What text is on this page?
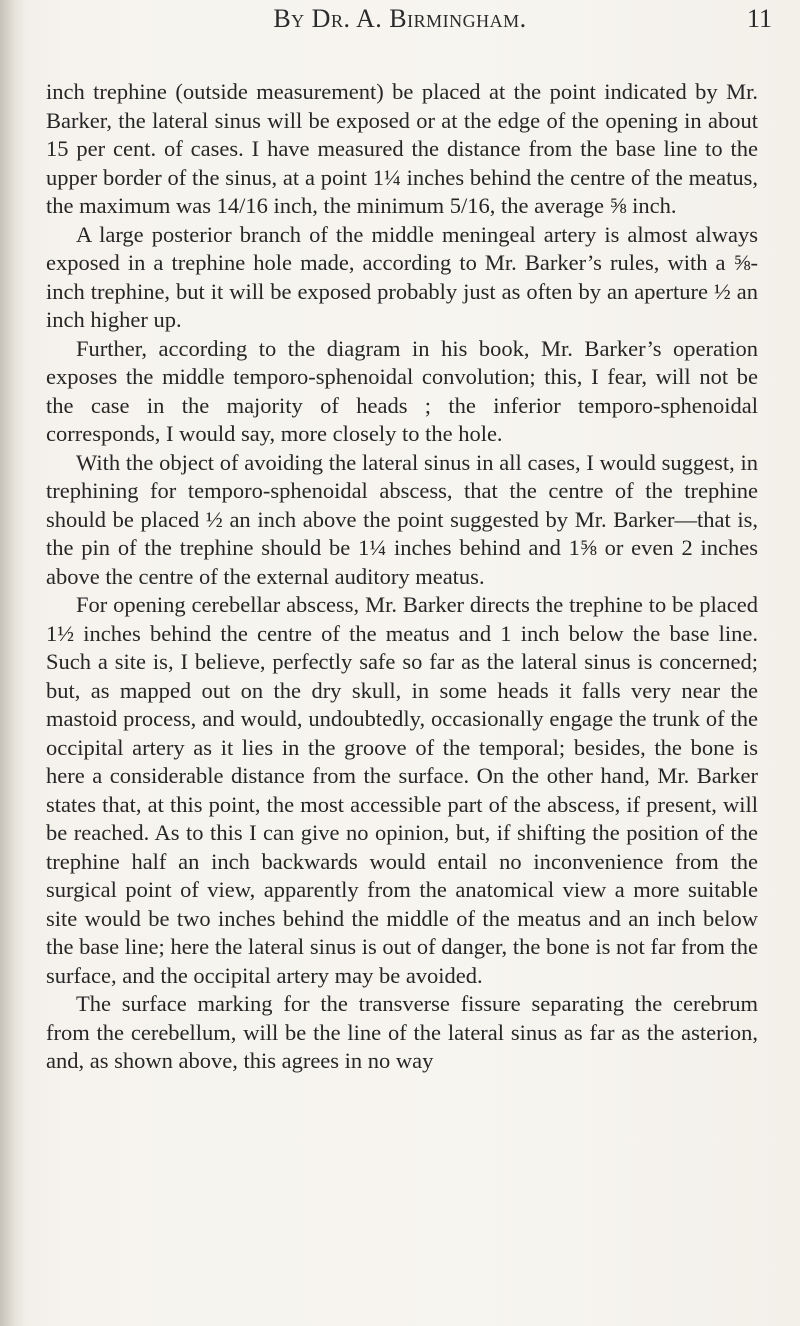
By Dr. A. Birmingham.	11

inch trephine (outside measurement) be placed at the point indicated by Mr. Barker, the lateral sinus will be exposed or at the edge of the opening in about 15 per cent. of cases. I have measured the distance from the base line to the upper border of the sinus, at a point 1¼ inches behind the centre of the meatus, the maximum was 14/16 inch, the minimum 5/16, the average ⅝ inch.

A large posterior branch of the middle meningeal artery is almost always exposed in a trephine hole made, according to Mr. Barker’s rules, with a ⅝-inch trephine, but it will be exposed probably just as often by an aperture ½ an inch higher up.

Further, according to the diagram in his book, Mr. Barker’s operation exposes the middle temporo-sphenoidal convolution; this, I fear, will not be the case in the majority of heads ; the inferior temporo-sphenoidal corresponds, I would say, more closely to the hole.

With the object of avoiding the lateral sinus in all cases, I would suggest, in trephining for temporo-sphenoidal abscess, that the centre of the trephine should be placed ½ an inch above the point suggested by Mr. Barker—that is, the pin of the trephine should be 1¼ inches behind and 1⅝ or even 2 inches above the centre of the external auditory meatus.

For opening cerebellar abscess, Mr. Barker directs the trephine to be placed 1½ inches behind the centre of the meatus and 1 inch below the base line. Such a site is, I believe, perfectly safe so far as the lateral sinus is concerned; but, as mapped out on the dry skull, in some heads it falls very near the mastoid process, and would, undoubtedly, occasionally engage the trunk of the occipital artery as it lies in the groove of the temporal; besides, the bone is here a considerable distance from the surface. On the other hand, Mr. Barker states that, at this point, the most accessible part of the abscess, if present, will be reached. As to this I can give no opinion, but, if shifting the position of the trephine half an inch backwards would entail no inconvenience from the surgical point of view, apparently from the anatomical view a more suitable site would be two inches behind the middle of the meatus and an inch below the base line; here the lateral sinus is out of danger, the bone is not far from the surface, and the occipital artery may be avoided.

The surface marking for the transverse fissure separating the cerebrum from the cerebellum, will be the line of the lateral sinus as far as the asterion, and, as shown above, this agrees in no way
